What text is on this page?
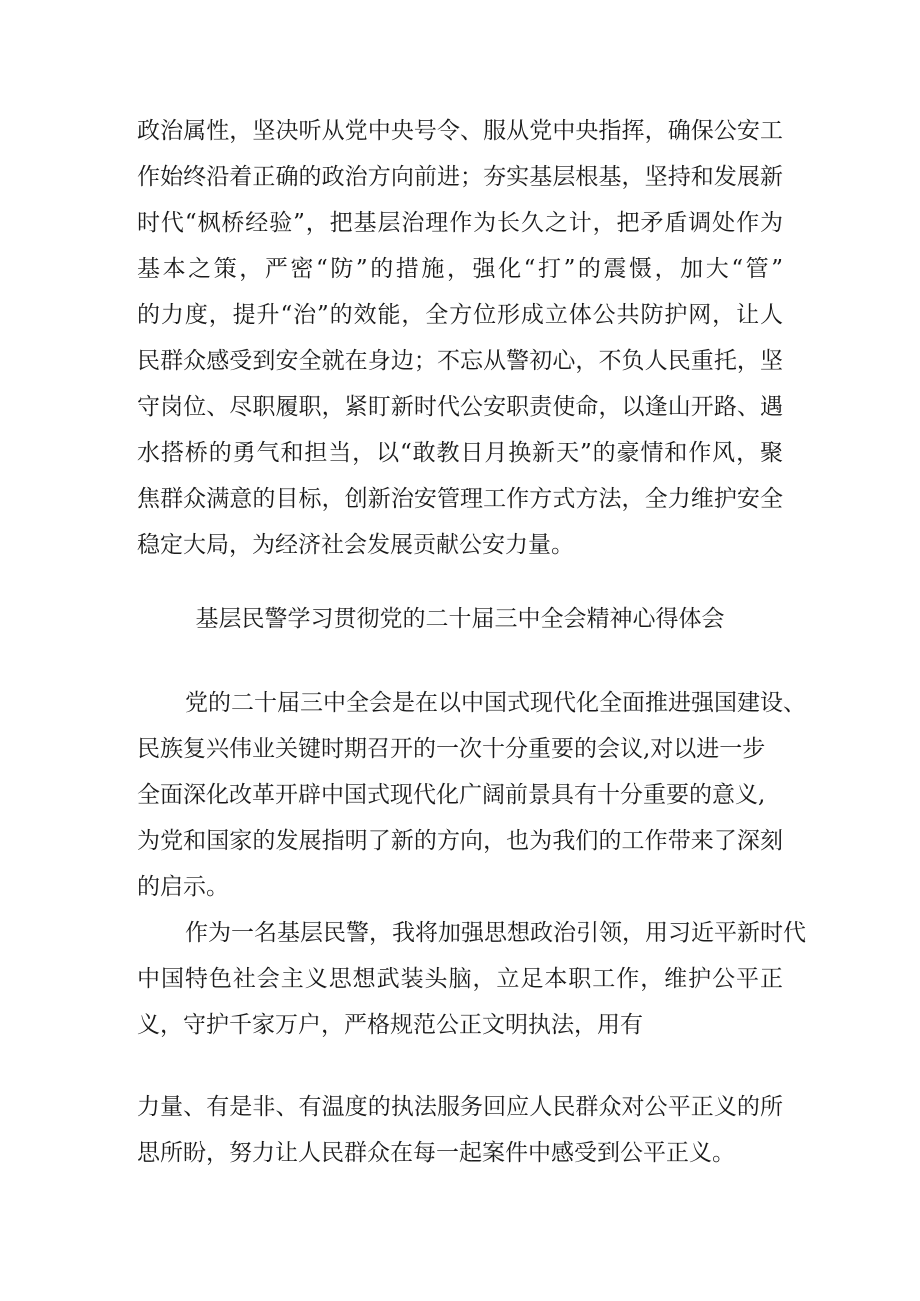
政治属性，坚决听从党中央号令、服从党中央指挥，确保公安工

作始终沿着正确的政治方向前进；夯实基层根基，坚持和发展新

时代“枫桥经验”，把基层治理作为长久之计，把矛盾调处作为

基本之策，严密“防”的措施，强化“打”的震慑，加大“管”

的力度，提升“治”的效能，全方位形成立体公共防护网，让人

民群众感受到安全就在身边；不忘从警初心，不负人民重托，坚

守岗位、尽职履职，紧盯新时代公安职责使命，以逢山开路、遇

水搭桥的勇气和担当，以“敢教日月换新天”的豪情和作风，聚

焦群众满意的目标，创新治安管理工作方式方法，全力维护安全

稳定大局，为经济社会发展贡献公安力量。

基层民警学习贯彻党的二十届三中全会精神心得体会

党的二十届三中全会是在以中国式现代化全面推进强国建设、

民族复兴伟业关键时期召开的一次十分重要的会议,对以进一步

全面深化改革开辟中国式现代化广阔前景具有十分重要的意义,

为党和国家的发展指明了新的方向，也为我们的工作带来了深刻

的启示。

作为一名基层民警，我将加强思想政治引领，用习近平新时代

中国特色社会主义思想武装头脑，立足本职工作，维护公平正

义，守护千家万户，严格规范公正文明执法，用有

力量、有是非、有温度的执法服务回应人民群众对公平正义的所

思所盼，努力让人民群众在每一起案件中感受到公平正义。
